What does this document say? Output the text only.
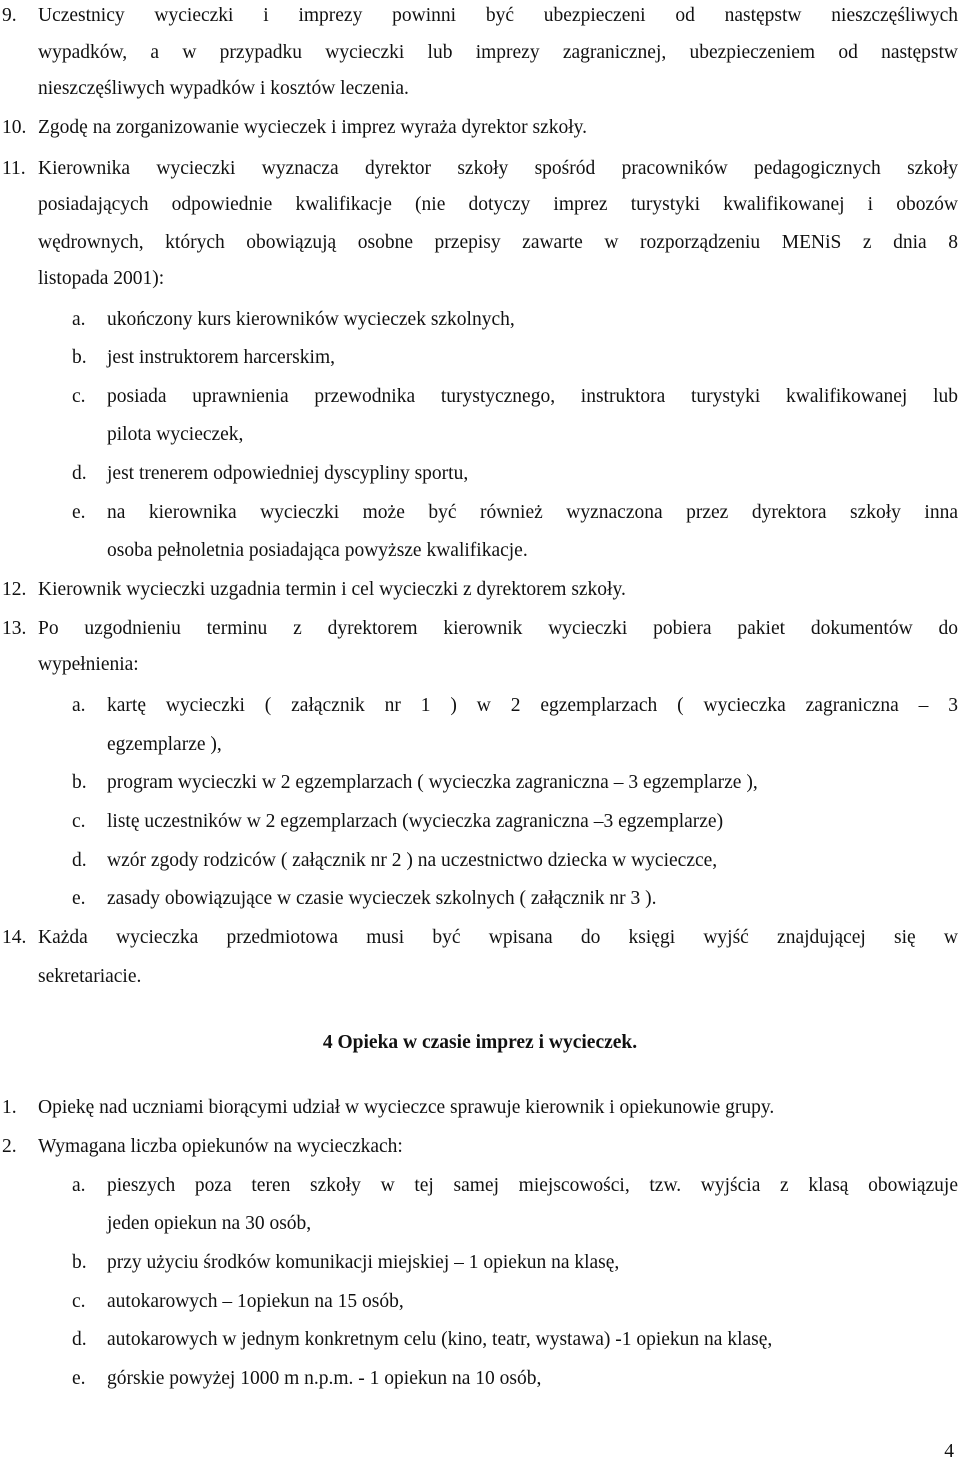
9. Uczestnicy wycieczki i imprezy powinni być ubezpieczeni od następstw nieszczęśliwych
wypadków, a w przypadku wycieczki lub imprezy zagranicznej, ubezpieczeniem od następstw
nieszczęśliwych wypadków i kosztów leczenia.
10. Zgodę na zorganizowanie wycieczek i imprez wyraża dyrektor szkoły.
11. Kierownika wycieczki wyznacza dyrektor szkoły spośród pracowników pedagogicznych szkoły
posiadających odpowiednie kwalifikacje (nie dotyczy imprez turystyki kwalifikowanej i obozów
wędrownych, których obowiązują osobne przepisy zawarte w rozporządzeniu MENiS z dnia 8
listopada 2001):
a. ukończony kurs kierowników wycieczek szkolnych,
b. jest instruktorem harcerskim,
c. posiada uprawnienia przewodnika turystycznego, instruktora turystyki kwalifikowanej lub
pilota wycieczek,
d. jest trenerem odpowiedniej dyscypliny sportu,
e. na kierownika wycieczki może być również wyznaczona przez dyrektora szkoły inna
osoba pełnoletnia posiadająca powyższe kwalifikacje.
12. Kierownik wycieczki uzgadnia termin i cel wycieczki z dyrektorem szkoły.
13. Po uzgodnieniu terminu z dyrektorem kierownik wycieczki pobiera pakiet dokumentów do
wypełnienia:
a. kartę wycieczki ( załącznik nr 1 ) w 2 egzemplarzach ( wycieczka zagraniczna – 3
egzemplarze ),
b. program wycieczki w 2 egzemplarzach ( wycieczka zagraniczna – 3 egzemplarze ),
c. listę uczestników w 2 egzemplarzach (wycieczka zagraniczna –3 egzemplarze)
d. wzór zgody rodziców ( załącznik nr 2 ) na uczestnictwo dziecka w wycieczce,
e. zasady obowiązujące w czasie wycieczek szkolnych ( załącznik nr 3 ).
14. Każda wycieczka przedmiotowa musi być wpisana do księgi wyjść znajdującej się w
sekretariacie.
4 Opieka w czasie imprez i wycieczek.
1. Opiekę nad uczniami biorącymi udział w wycieczce sprawuje kierownik i opiekunowie grupy.
2. Wymagana liczba opiekunów na wycieczkach:
a. pieszych poza teren szkoły w tej samej miejscowości, tzw. wyjścia z klasą obowiązuje
jeden opiekun na 30 osób,
b. przy użyciu środków komunikacji miejskiej – 1 opiekun na klasę,
c. autokarowych – 1opiekun na 15 osób,
d. autokarowych w jednym konkretnym celu (kino, teatr, wystawa) -1 opiekun na klasę,
e. górskie powyżej 1000 m n.p.m. - 1 opiekun na 10 osób,
4
